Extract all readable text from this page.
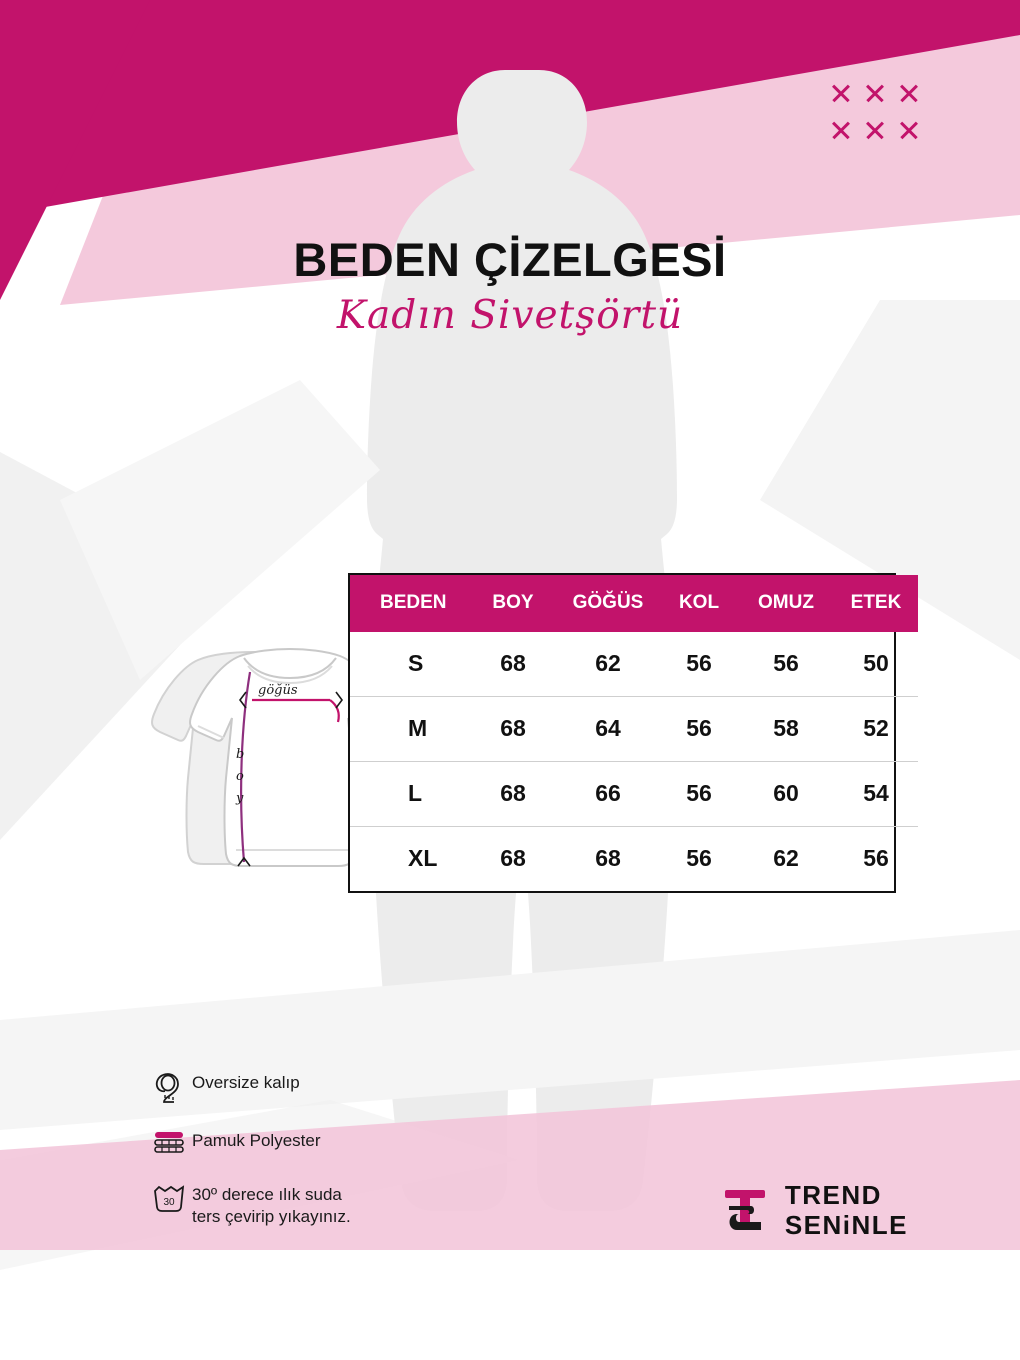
BEDEN ÇİZELGESİ
Kadın Sivetşörtü
göğüs
b
o
y
BEDEN	BOY	GÖĞÜS	KOL	OMUZ	ETEK
S	68	62	56	56	50
M	68	64	56	58	52
L	68	66	56	60	54
XL	68	68	56	62	56
Oversize kalıp
Pamuk Polyester
30 30º derece ılık suda
ters çevirip yıkayınız.
TREND
SENiNLE
